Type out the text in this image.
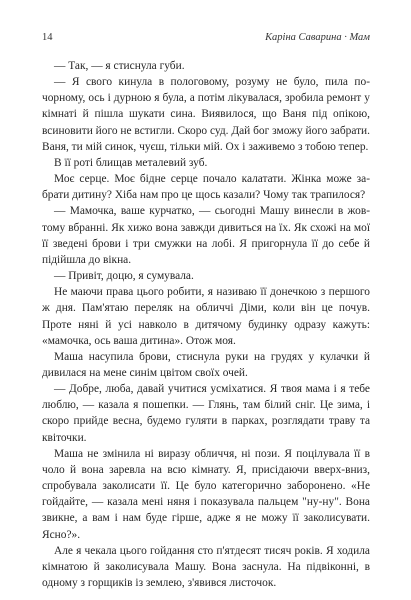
14	Каріна Саварина · Мам

— Так, — я стиснула губи.

— Я свого кинула в пологовому, розуму не було, пила почорному, ось і дурною я була, а потім лікувалася, зробила ремонт у кімнаті й пішла шукати сина. Виявилося, що Ваня під опікою, всиновити його не встигли. Скоро суд. Дай бог зможу його забрати. Ваня, ти мій синок, чуєш, тільки мій. Ох і заживемо з тобою тепер.

В її роті блищав металевий зуб.

Моє серце. Моє бідне серце почало калатати. Жінка може забрати дитину? Хіба нам про це щось казали? Чому так трапилося?

— Мамочка, ваше курчатко, — сьогодні Машу винесли в жовтому вбранні. Як хижо вона завжди дивиться на їх. Як схожі на мої її зведені брови і три смужки на лобі. Я пригорнула її до себе й підійшла до вікна.

— Привіт, доцю, я сумувала.

Не маючи права цього робити, я називаю її донечкою з першого ж дня. Пам'ятаю переляк на обличчі Діми, коли він це почув. Проте няні й усі навколо в дитячому будинку одразу кажуть: «мамочка, ось ваша дитина». Отож моя.

Маша насупила брови, стиснула руки на грудях у кулачки й дивилася на мене синім цвітом своїх очей.

— Добре, люба, давай учитися усміхатися. Я твоя мама і я тебе люблю, — казала я пошепки. — Глянь, там білий сніг. Це зима, і скоро прийде весна, будемо гуляти в парках, розглядати траву та квіточки.

Маша не змінила ні виразу обличчя, ні пози. Я поцілувала її в чоло й вона заревла на всю кімнату. Я, присідаючи вверх-вниз, спробувала заколисати її. Це було категорично заборонено. «Не гойдайте, — казала мені няня і показувала пальцем "ну-ну". Вона звикне, а вам і нам буде гірше, адже я не можу її заколисувати. Ясно?».

Але я чекала цього гойдання сто п'ятдесят тисяч років. Я ходила кімнатою й заколисувала Машу. Вона заснула. На підвіконні, в одному з горщиків із землею, з'явився листочок.
